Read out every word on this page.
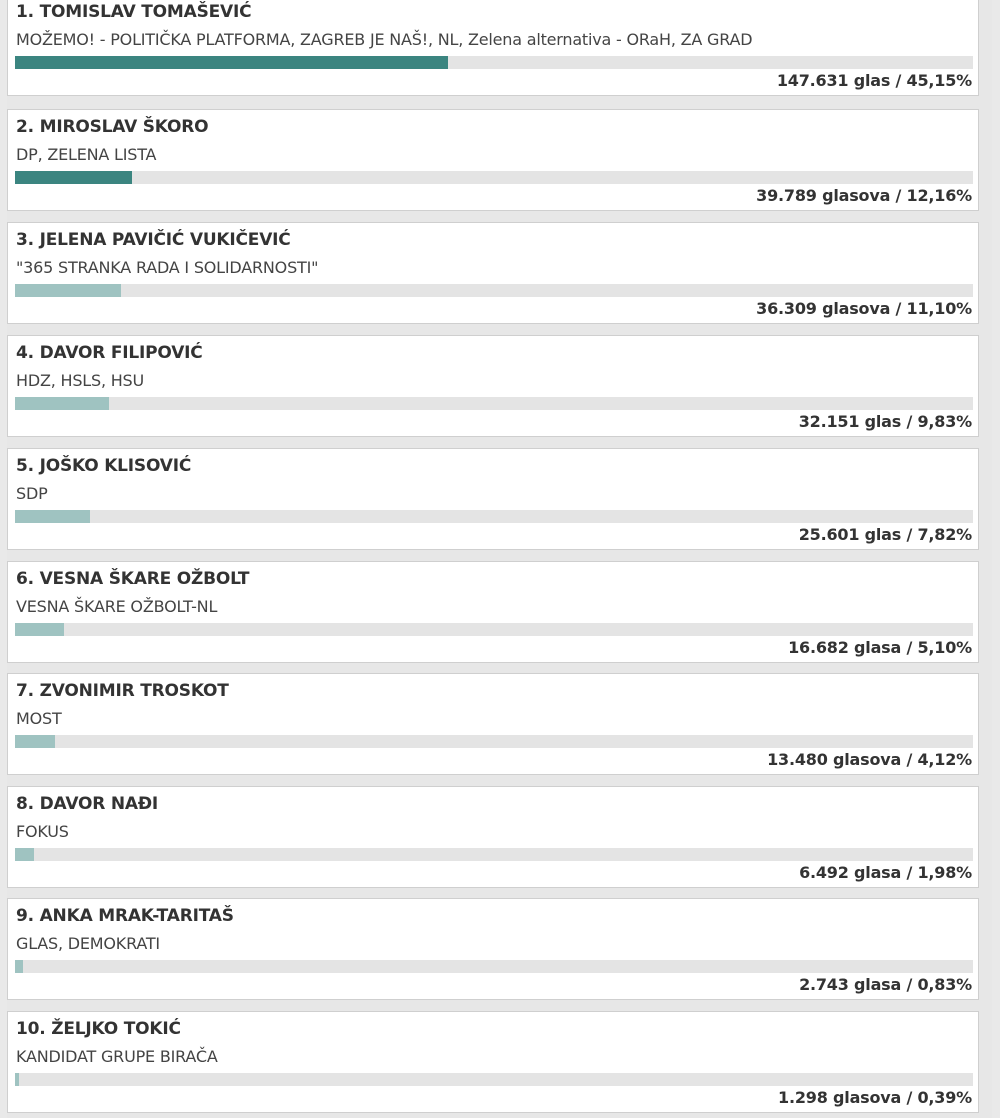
1. TOMISLAV TOMAŠEVIĆ
MOŽEMO! - POLITIČKA PLATFORMA, ZAGREB JE NAŠ!, NL, Zelena alternativa - ORaH, ZA GRAD
147.631 glas / 45,15%
2. MIROSLAV ŠKORO
DP, ZELENA LISTA
39.789 glasova / 12,16%
3. JELENA PAVIČIĆ VUKIČEVIĆ
"365 STRANKA RADA I SOLIDARNOSTI"
36.309 glasova / 11,10%
4. DAVOR FILIPOVIĆ
HDZ, HSLS, HSU
32.151 glas / 9,83%
5. JOŠKO KLISOVIĆ
SDP
25.601 glas / 7,82%
6. VESNA ŠKARE OŽBOLT
VESNA ŠKARE OŽBOLT-NL
16.682 glasa / 5,10%
7. ZVONIMIR TROSKOT
MOST
13.480 glasova / 4,12%
8. DAVOR NAĐI
FOKUS
6.492 glasa / 1,98%
9. ANKA MRAK-TARITAŠ
GLAS, DEMOKRATI
2.743 glasa / 0,83%
10. ŽELJKO TOKIĆ
KANDIDAT GRUPE BIRAČA
1.298 glasova / 0,39%
